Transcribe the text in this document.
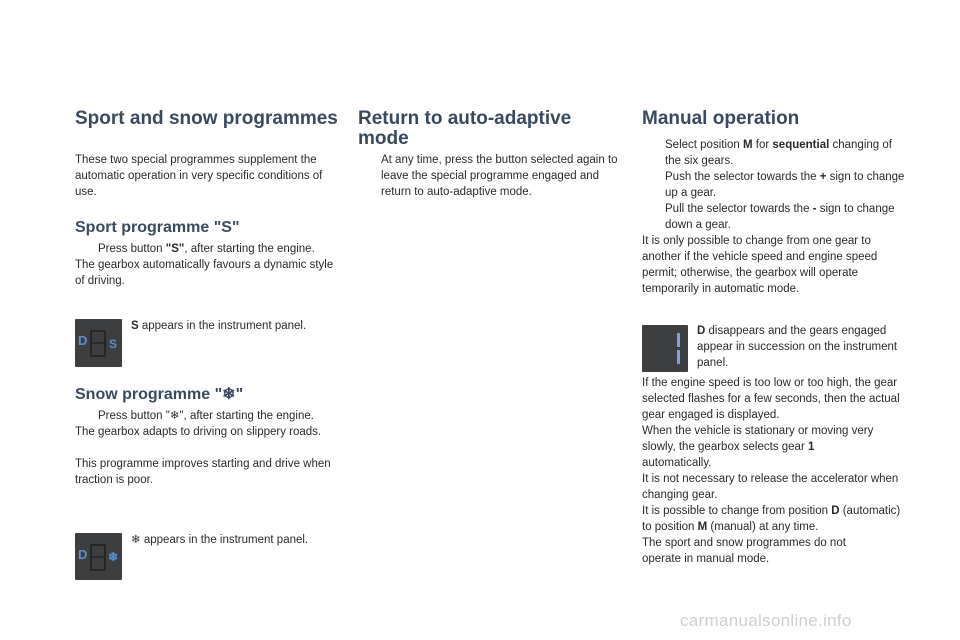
Sport and snow programmes

These two special programmes supplement the automatic operation in very specific conditions of use.

Sport programme "S"
Press button "S", after starting the engine.

The gearbox automatically favours a dynamic style of driving.

D S
S appears in the instrument panel.
Snow programme "❄"
Press button "❄", after starting the engine.

The gearbox adapts to driving on slippery roads.

This programme improves starting and drive when traction is poor.

D ❄
❄ appears in the instrument panel.
Return to auto-adaptive
mode
At any time, press the button selected again to leave the special programme engaged and return to auto-adaptive mode.
Manual operation
Select position M for sequential changing of the six gears.
Push the selector towards the + sign to change up a gear.
Pull the selector towards the - sign to change down a gear.

It is only possible to change from one gear to another if the vehicle speed and engine speed permit; otherwise, the gearbox will operate temporarily in automatic mode.

D disappears and the gears engaged appear in succession on the instrument panel.

If the engine speed is too low or too high, the gear selected flashes for a few seconds, then the actual gear engaged is displayed.

When the vehicle is stationary or moving very slowly, the gearbox selects gear 1 automatically.

It is not necessary to release the accelerator when changing gear.

It is possible to change from position D (automatic) to position M (manual) at any time.

The sport and snow programmes do not operate in manual mode.

carmanualsonline.info
